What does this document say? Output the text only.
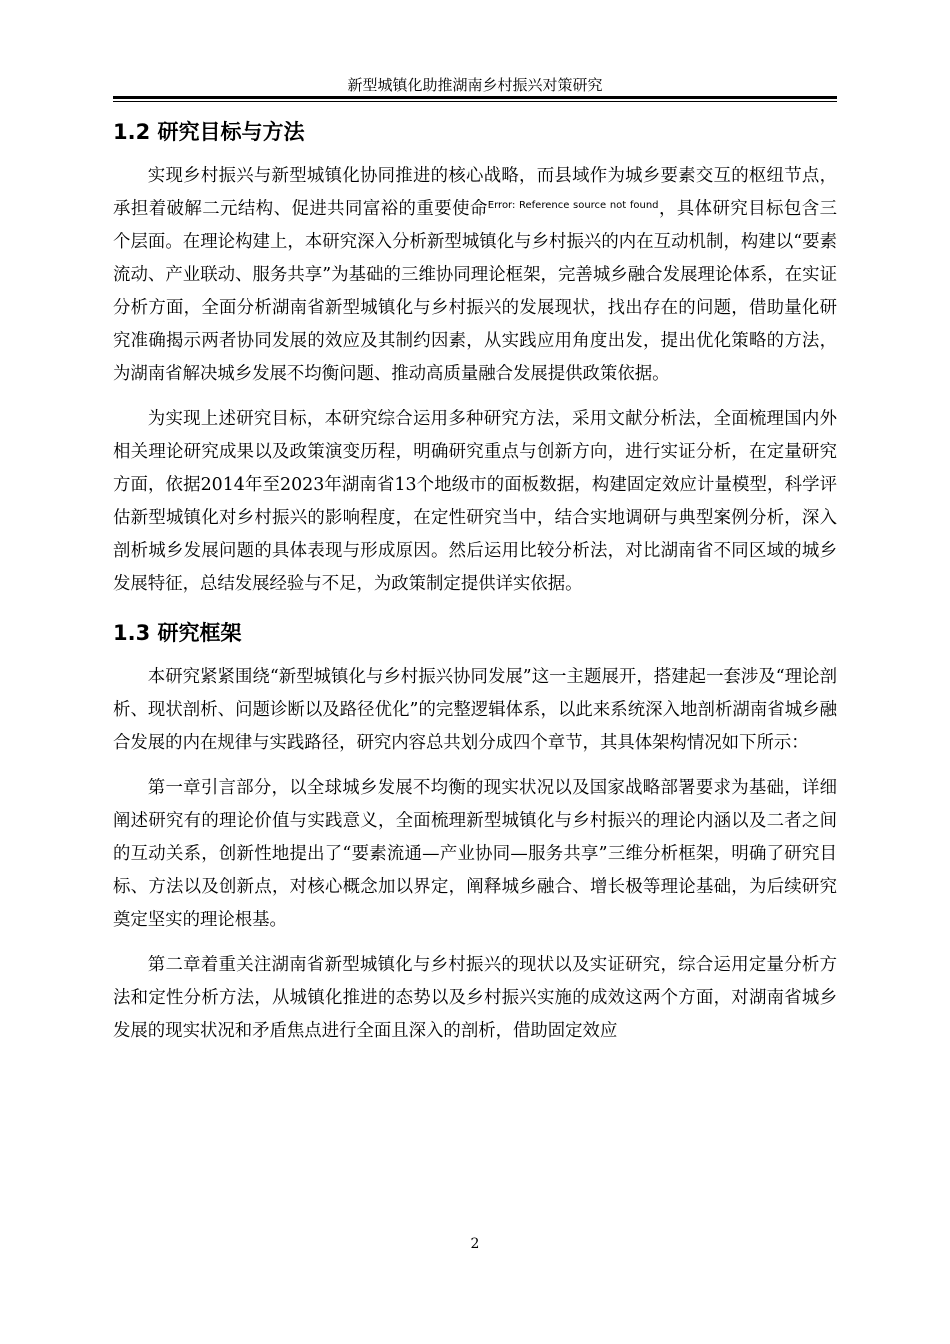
新型城镇化助推湖南乡村振兴对策研究
1.2 研究目标与方法

实现乡村振兴与新型城镇化协同推进的核心战略，而县域作为城乡要素交互的枢纽节点，承担着破解二元结构、促进共同富裕的重要使命$^{Error: Reference source not found}$，具体研究目标包含三个层面。在理论构建上，本研究深入分析新型城镇化与乡村振兴的内在互动机制，构建以“要素流动、产业联动、服务共享”为基础的三维协同理论框架，完善城乡融合发展理论体系，在实证分析方面，全面分析湖南省新型城镇化与乡村振兴的发展现状，找出存在的问题，借助量化研究准确揭示两者协同发展的效应及其制约因素，从实践应用角度出发，提出优化策略的方法，为湖南省解决城乡发展不均衡问题、推动高质量融合发展提供政策依据。

为实现上述研究目标，本研究综合运用多种研究方法，采用文献分析法，全面梳理国内外相关理论研究成果以及政策演变历程，明确研究重点与创新方向，进行实证分析，在定量研究方面，依据2014年至2023年湖南省13个地级市的面板数据，构建固定效应计量模型，科学评估新型城镇化对乡村振兴的影响程度，在定性研究当中，结合实地调研与典型案例分析，深入剖析城乡发展问题的具体表现与形成原因。然后运用比较分析法，对比湖南省不同区域的城乡发展特征，总结发展经验与不足，为政策制定提供详实依据。

1.3 研究框架

本研究紧紧围绕“新型城镇化与乡村振兴协同发展”这一主题展开，搭建起一套涉及“理论剖析、现状剖析、问题诊断以及路径优化”的完整逻辑体系，以此来系统深入地剖析湖南省城乡融合发展的内在规律与实践路径，研究内容总共划分成四个章节，其具体架构情况如下所示：

第一章引言部分，以全球城乡发展不均衡的现实状况以及国家战略部署要求为基础，详细阐述研究有的理论价值与实践意义，全面梳理新型城镇化与乡村振兴的理论内涵以及二者之间的互动关系，创新性地提出了“要素流通—产业协同—服务共享”三维分析框架，明确了研究目标、方法以及创新点，对核心概念加以界定，阐释城乡融合、增长极等理论基础，为后续研究奠定坚实的理论根基。

第二章着重关注湖南省新型城镇化与乡村振兴的现状以及实证研究，综合运用定量分析方法和定性分析方法，从城镇化推进的态势以及乡村振兴实施的成效这两个方面，对湖南省城乡发展的现实状况和矛盾焦点进行全面且深入的剖析，借助固定效应

2
